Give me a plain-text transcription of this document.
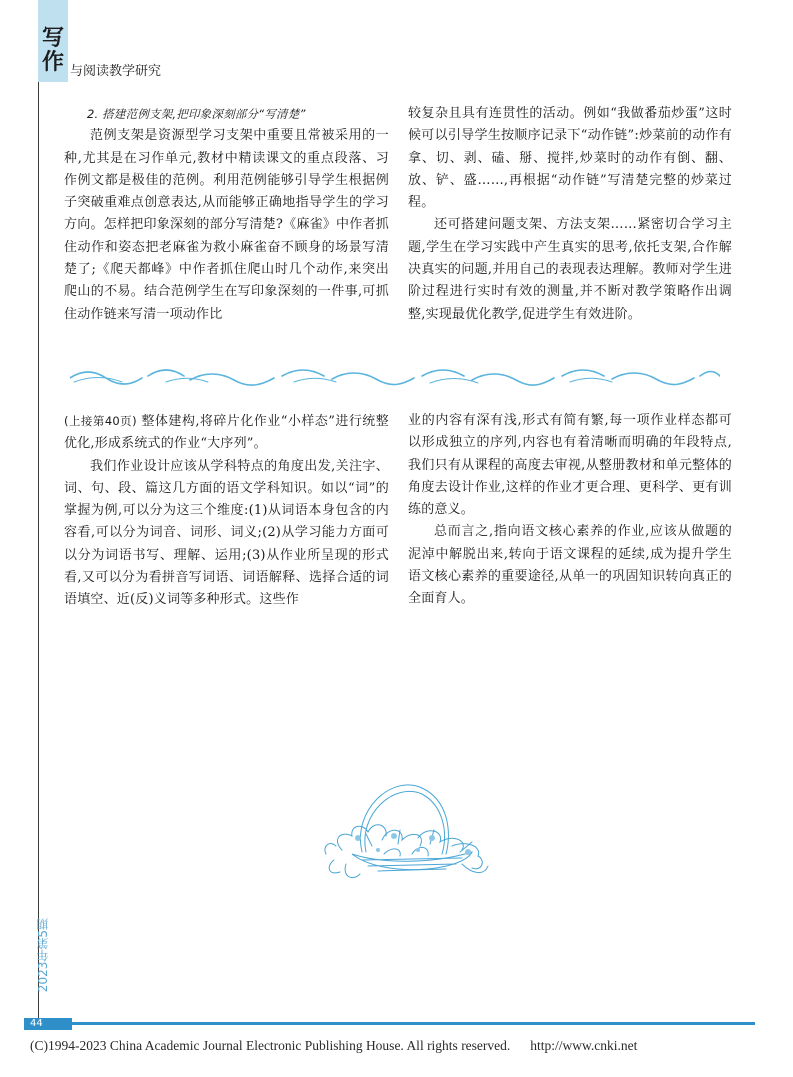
写
作 与阅读教学研究

2. 搭建范例支架,把印象深刻部分“写清楚”

范例支架是资源型学习支架中重要且常被采用的一种,尤其是在习作单元,教材中精读课文的重点段落、习作例文都是极佳的范例。利用范例能够引导学生根据例子突破重难点创意表达,从而能够正确地指导学生的学习方向。怎样把印象深刻的部分写清楚?《麻雀》中作者抓住动作和姿态把老麻雀为救小麻雀奋不顾身的场景写清楚了;《爬天都峰》中作者抓住爬山时几个动作,来突出爬山的不易。结合范例学生在写印象深刻的一件事,可抓住动作链来写清一项动作比

较复杂且具有连贯性的活动。例如“我做番茄炒蛋”这时候可以引导学生按顺序记录下“动作链”:炒菜前的动作有拿、切、剥、磕、掰、搅拌,炒菜时的动作有倒、翻、放、铲、盛……,再根据“动作链”写清楚完整的炒菜过程。

还可搭建问题支架、方法支架……紧密切合学习主题,学生在学习实践中产生真实的思考,依托支架,合作解决真实的问题,并用自己的表现表达理解。教师对学生进阶过程进行实时有效的测量,并不断对教学策略作出调整,实现最优化教学,促进学生有效进阶。

(上接第40页) 整体建构,将碎片化作业“小样态”进行统整优化,形成系统式的作业“大序列”。

我们作业设计应该从学科特点的角度出发,关注字、词、句、段、篇这几方面的语文学科知识。如以“词”的掌握为例,可以分为这三个维度:(1)从词语本身包含的内容看,可以分为词音、词形、词义;(2)从学习能力方面可以分为词语书写、理解、运用;(3)从作业所呈现的形式看,又可以分为看拼音写词语、词语解释、选择合适的词语填空、近(反)义词等多种形式。这些作

业的内容有深有浅,形式有简有繁,每一项作业样态都可以形成独立的序列,内容也有着清晰而明确的年段特点,我们只有从课程的高度去审视,从整册教材和单元整体的角度去设计作业,这样的作业才更合理、更科学、更有训练的意义。

总而言之,指向语文核心素养的作业,应该从做题的泥淖中解脱出来,转向于语文课程的延续,成为提升学生语文核心素养的重要途径,从单一的巩固知识转向真正的全面育人。

2023年第5期
44
(C)1994-2023 China Academic Journal Electronic Publishing House. All rights reserved. http://www.cnki.net
